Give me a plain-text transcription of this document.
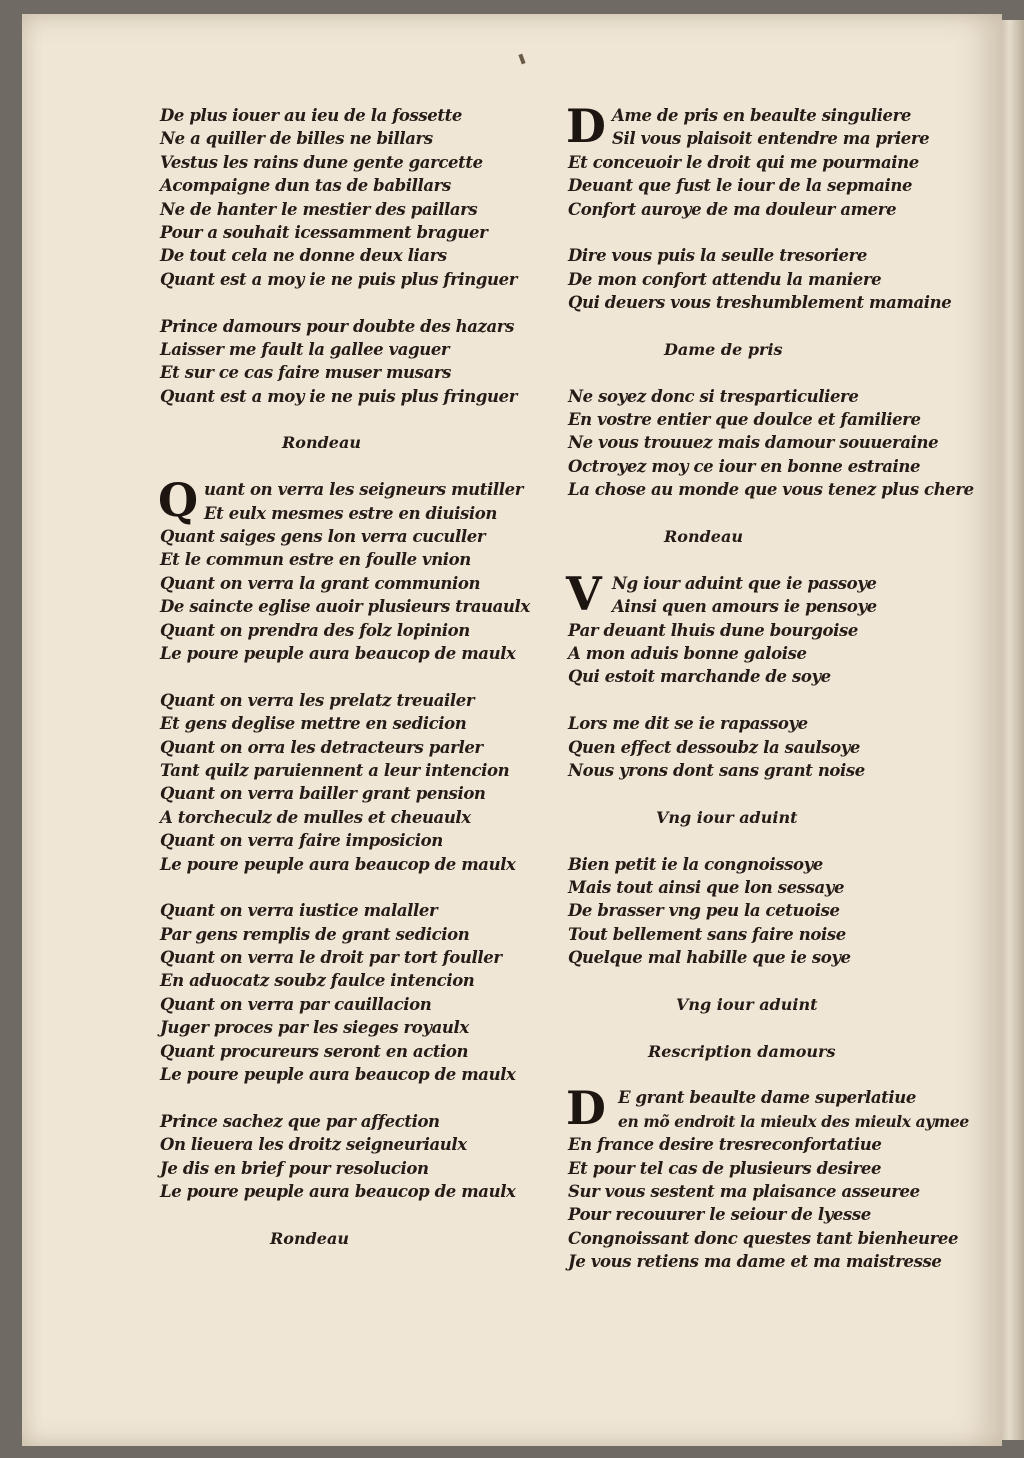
De plus iouer au ieu de la fossette
Ne a quiller de billes ne billars
Vestus les rains dune gente garcette
Acompaigne dun tas de babillars
Ne de hanter le mestier des paillars
Pour a souhait icessamment braguer
De tout cela ne donne deux liars
Quant est a moy ie ne puis plus fringuer
Prince damours pour doubte des hazars
Laisser me fault la gallee vaguer
Et sur ce cas faire muser musars
Quant est a moy ie ne puis plus fringuer
Rondeau
Q uant on verra les seigneurs mutiller
Et eulx mesmes estre en diuision
Quant saiges gens lon verra cuculler
Et le commun estre en foulle vnion
Quant on verra la grant communion
De saincte eglise auoir plusieurs trauaulx
Quant on prendra des folz lopinion
Le poure peuple aura beaucop de maulx
Quant on verra les prelatz treuailer
Et gens deglise mettre en sedicion
Quant on orra les detracteurs parler
Tant quilz paruiennent a leur intencion
Quant on verra bailler grant pension
A torcheculz de mulles et cheuaulx
Quant on verra faire imposicion
Le poure peuple aura beaucop de maulx
Quant on verra iustice malaller
Par gens remplis de grant sedicion
Quant on verra le droit par tort fouller
En aduocatz soubz faulce intencion
Quant on verra par cauillacion
Juger proces par les sieges royaulx
Quant procureurs seront en action
Le poure peuple aura beaucop de maulx
Prince sachez que par affection
On lieuera les droitz seigneuriaulx
Je dis en brief pour resolucion
Le poure peuple aura beaucop de maulx
Rondeau
D Ame de pris en beaulte singuliere
Sil vous plaisoit entendre ma priere
Et conceuoir le droit qui me pourmaine
Deuant que fust le iour de la sepmaine
Confort auroye de ma douleur amere
Dire vous puis la seulle tresoriere
De mon confort attendu la maniere
Qui deuers vous treshumblement mamaine
Dame de pris
Ne soyez donc si tresparticuliere
En vostre entier que doulce et familiere
Ne vous trouuez mais damour souueraine
Octroyez moy ce iour en bonne estraine
La chose au monde que vous tenez plus chere
Rondeau
V Ng iour aduint que ie passoye
Ainsi quen amours ie pensoye
Par deuant lhuis dune bourgoise
A mon aduis bonne galoise
Qui estoit marchande de soye
Lors me dit se ie rapassoye
Quen effect dessoubz la saulsoye
Nous yrons dont sans grant noise
Vng iour aduint
Bien petit ie la congnoissoye
Mais tout ainsi que lon sessaye
De brasser vng peu la cetuoise
Tout bellement sans faire noise
Quelque mal habille que ie soye
Vng iour aduint
Rescription damours
D E grant beaulte dame superlatiue
en mõ endroit la mieulx des mieulx aymee
En france desire tresreconfortatiue
Et pour tel cas de plusieurs desiree
Sur vous sestent ma plaisance asseuree
Pour recouurer le seiour de lyesse
Congnoissant donc questes tant bienheuree
Je vous retiens ma dame et ma maistresse
